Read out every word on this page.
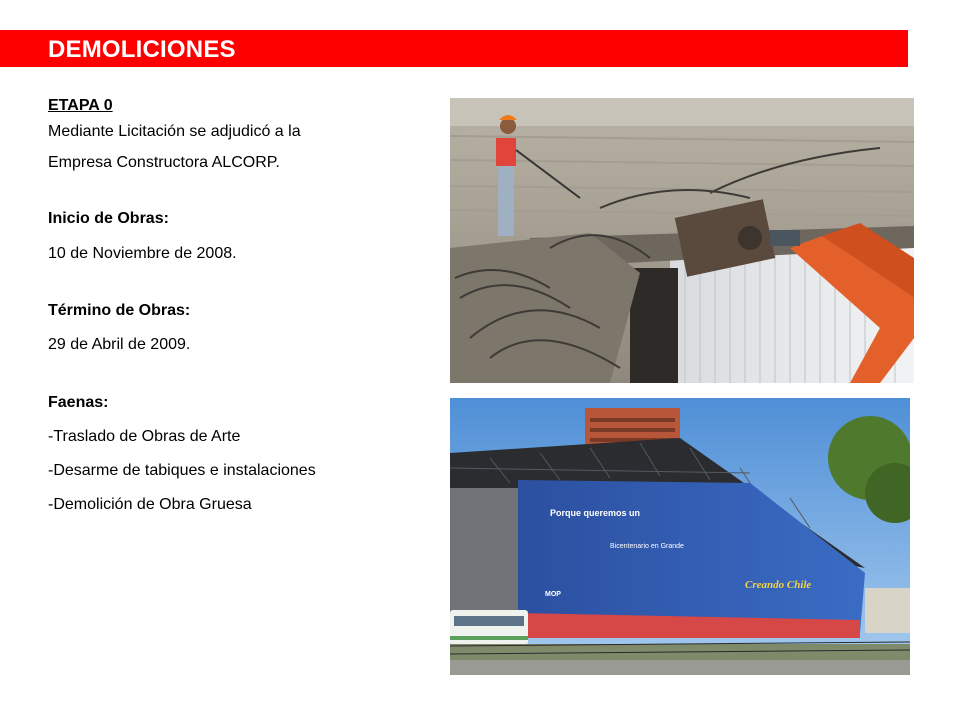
DEMOLICIONES

ETAPA 0

Mediante Licitación se adjudicó a la

Empresa Constructora ALCORP.

Inicio de Obras:

10 de Noviembre de 2008.

Término de Obras:

29 de Abril de 2009.

Faenas:

-Traslado de Obras de Arte

-Desarme de tabiques e instalaciones

-Demolición de Obra Gruesa	Porque queremos un
Bicentenario en Grande
Creando Chile
MOP
